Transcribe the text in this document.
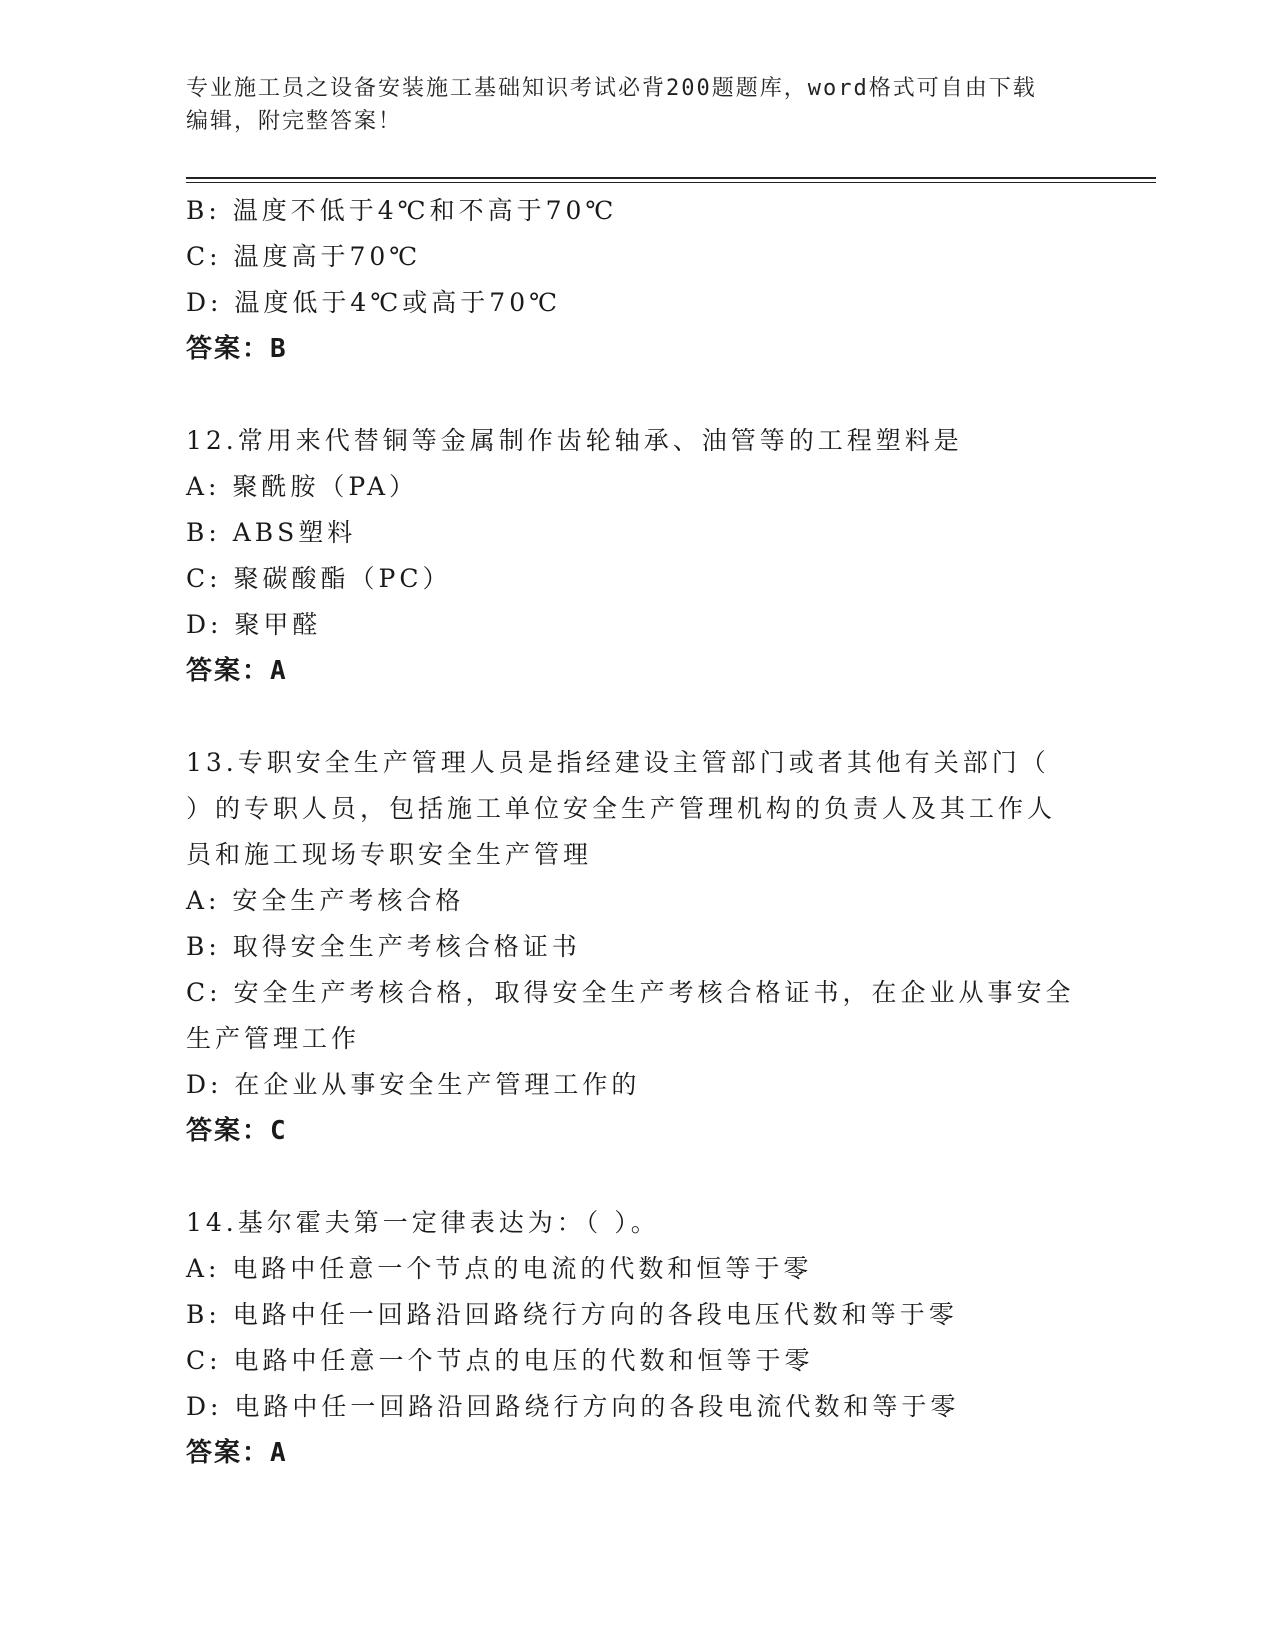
专业施工员之设备安装施工基础知识考试必背200题题库，word格式可自由下载
编辑，附完整答案！

B: 温度不低于4℃和不高于70℃

C: 温度高于70℃

D: 温度低于4℃或高于70℃

答案：B

12.常用来代替铜等金属制作齿轮轴承、油管等的工程塑料是

A: 聚酰胺（PA）

B: ABS塑料

C: 聚碳酸酯（PC）

D: 聚甲醛

答案：A

13.专职安全生产管理人员是指经建设主管部门或者其他有关部门（

）的专职人员，包括施工单位安全生产管理机构的负责人及其工作人

员和施工现场专职安全生产管理

A: 安全生产考核合格

B: 取得安全生产考核合格证书

C: 安全生产考核合格，取得安全生产考核合格证书，在企业从事安全

生产管理工作

D: 在企业从事安全生产管理工作的

答案：C

14.基尔霍夫第一定律表达为：（ ）。

A: 电路中任意一个节点的电流的代数和恒等于零

B: 电路中任一回路沿回路绕行方向的各段电压代数和等于零

C: 电路中任意一个节点的电压的代数和恒等于零

D: 电路中任一回路沿回路绕行方向的各段电流代数和等于零

答案：A
